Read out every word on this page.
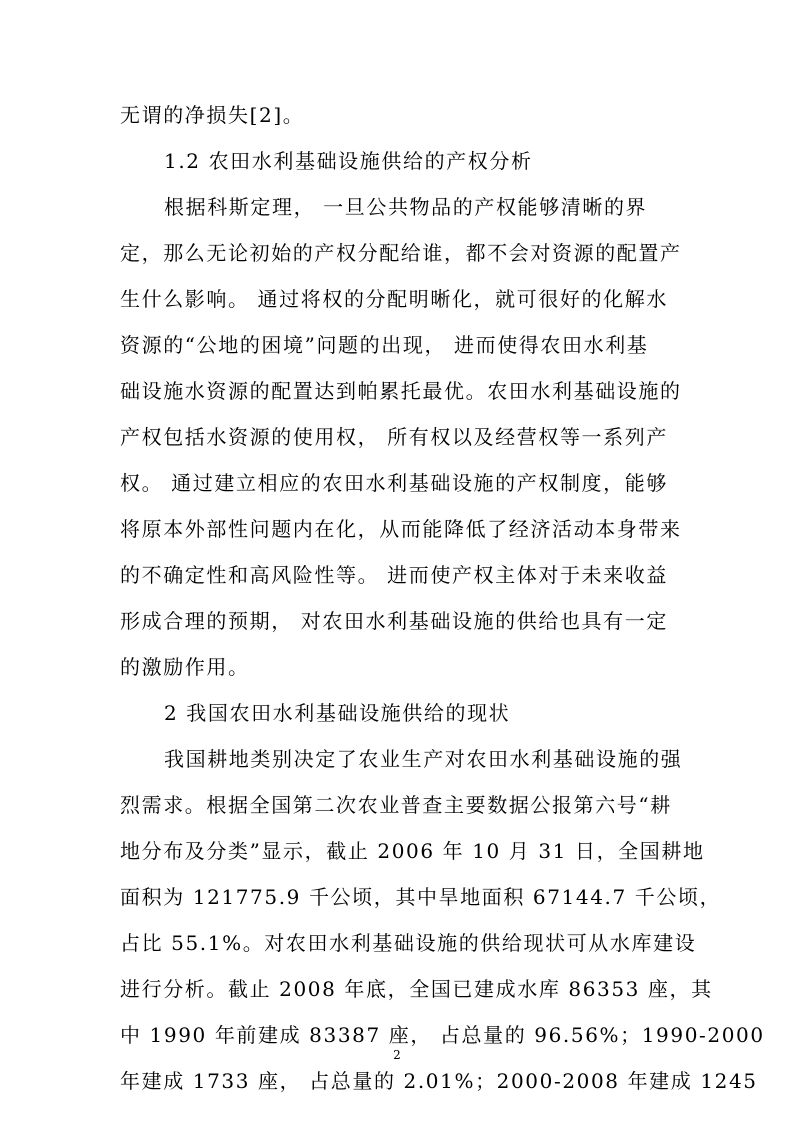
无谓的净损失[2]。
1.2 农田水利基础设施供给的产权分析
根据科斯定理， 一旦公共物品的产权能够清晰的界
定，那么无论初始的产权分配给谁，都不会对资源的配置产
生什么影响。 通过将权的分配明晰化，就可很好的化解水
资源的“公地的困境”问题的出现， 进而使得农田水利基
础设施水资源的配置达到帕累托最优。农田水利基础设施的
产权包括水资源的使用权， 所有权以及经营权等一系列产
权。 通过建立相应的农田水利基础设施的产权制度，能够
将原本外部性问题内在化，从而能降低了经济活动本身带来
的不确定性和高风险性等。 进而使产权主体对于未来收益
形成合理的预期， 对农田水利基础设施的供给也具有一定
的激励作用。
2 我国农田水利基础设施供给的现状
我国耕地类别决定了农业生产对农田水利基础设施的强
烈需求。根据全国第二次农业普查主要数据公报第六号“耕
地分布及分类”显示，截止 2006 年 10 月 31 日，全国耕地
面积为 121775.9 千公顷，其中旱地面积 67144.7 千公顷，
占比 55.1%。对农田水利基础设施的供给现状可从水库建设
进行分析。截止 2008 年底，全国已建成水库 86353 座，其
中 1990 年前建成 83387 座， 占总量的 96.56%；1990-2000
年建成 1733 座， 占总量的 2.01%；2000-2008 年建成 1245
2
